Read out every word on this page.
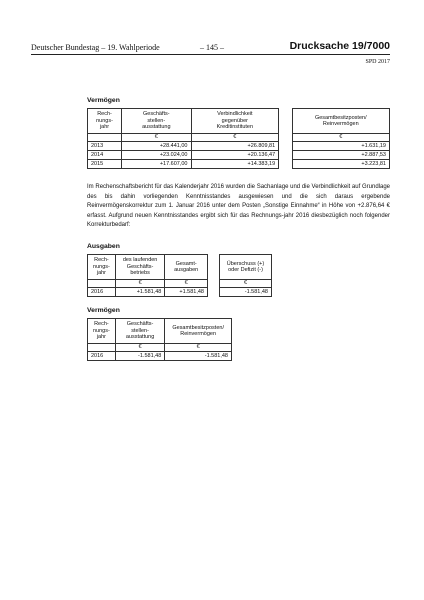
Deutscher Bundestag – 19. Wahlperiode	– 145 –	Drucksache 19/7000
SPD 2017
Vermögen
Rech-
nungs-
jahr	Geschäfts-
stellen-
ausstattung	Verbindlichkeit
gegenüber
Kreditinstituten		Gesamtbesitzposten/
Reinvermögen
	€	€		€
2013	+28.441,00	+26.809,81		+1.631,19
2014	+23.024,00	+20.136,47		+2.887,53
2015	+17.607,00	+14.383,19		+3.223,81
Im Rechenschaftsbericht für das Kalenderjahr 2016 wurden die Sachanlage und die Verbindlichkeit auf Grundlage des bis dahin vorliegenden Kenntnisstandes ausgewiesen und die sich daraus ergebende Reinvermögenskorrektur zum 1. Januar 2016 unter dem Posten „Sonstige Einnahme“ in Höhe von +2.876,64 € erfasst. Aufgrund neuen Kenntnisstandes ergibt sich für das Rechnungs-jahr 2016 diesbezüglich noch folgender Korrekturbedarf:
Ausgaben
Rech-
nungs-
jahr	des laufenden
Geschäfts-
betriebs	Gesamt-
ausgaben
	€	€
2016	+1.581,48	+1.581,48
Überschuss (+)
oder Defizit (-)
€
-1.581,48
Vermögen
Rech-
nungs-
jahr	Geschäfts-
stellen-
ausstattung	Gesamtbesitzposten/
Reinvermögen
	€	€
2016	-1.581,48	-1.581,48
